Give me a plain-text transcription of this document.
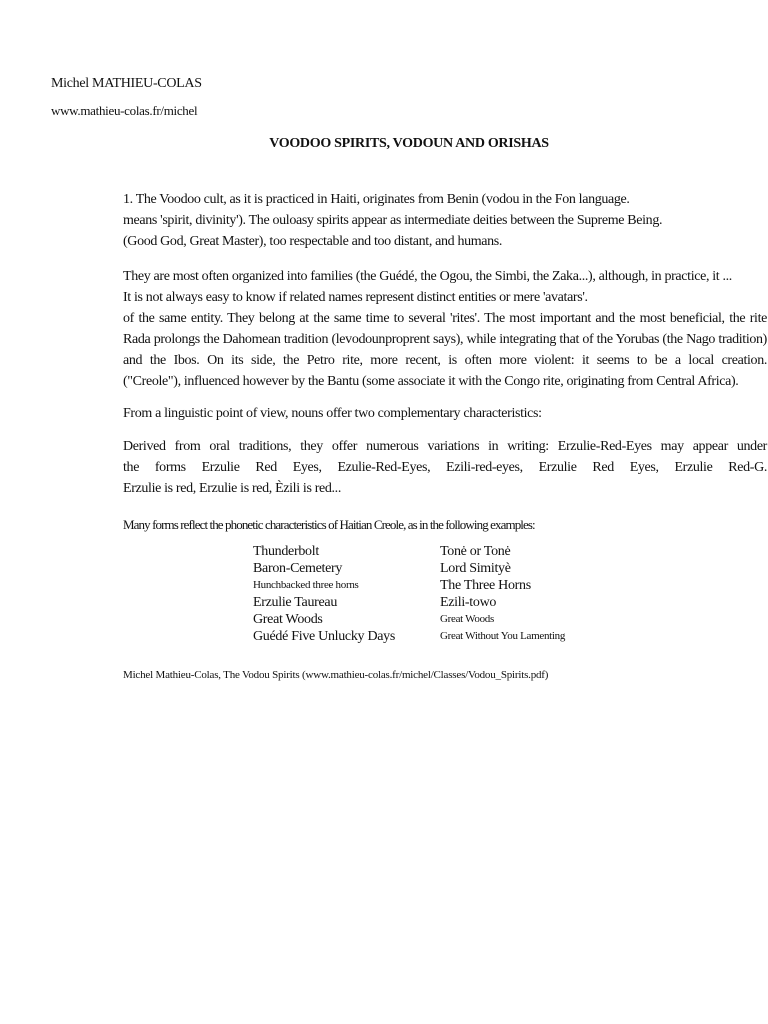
Michel MATHIEU-COLAS
www.mathieu-colas.fr/michel
VOODOO SPIRITS, VODOUN AND ORISHAS
1. The Voodoo cult, as it is practiced in Haiti, originates from Benin (vodou in the Fon language.
means 'spirit, divinity'). The ouloasy spirits appear as intermediate deities between the Supreme Being.
(Good God, Great Master), too respectable and too distant, and humans.
They are most often organized into families (the Guédé, the Ogou, the Simbi, the Zaka...), although, in practice, it ...
It is not always easy to know if related names represent distinct entities or mere 'avatars'.
of the same entity. They belong at the same time to several 'rites'. The most important and the most beneficial, the rite
Rada prolongs the Dahomean tradition (levodounproprent says), while integrating that of the Yorubas (the Nago tradition)
and the Ibos. On its side, the Petro rite, more recent, is often more violent: it seems to be a local creation.
("Creole"), influenced however by the Bantu (some associate it with the Congo rite, originating from Central Africa).
From a linguistic point of view, nouns offer two complementary characteristics:
Derived from oral traditions, they offer numerous variations in writing: Erzulie-Red-Eyes may appear under
the forms Erzulie Red Eyes, Ezulie-Red-Eyes, Ezili-red-eyes, Erzulie Red Eyes, Erzulie Red-G.
Erzulie is red, Erzulie is red, Èzili is red...
Many forms reflect the phonetic characteristics of Haitian Creole, as in the following examples:
Thunderbolt
Baron-Cemetery
Hunchbacked three horns
Erzulie Taureau
Great Woods
Guédé Five Unlucky Days
Tonė or Tonė
Lord Simityè
The Three Horns
Ezili-towo
Great Woods
Great Without You Lamenting
Michel Mathieu-Colas, The Vodou Spirits (www.mathieu-colas.fr/michel/Classes/Vodou_Spirits.pdf)
